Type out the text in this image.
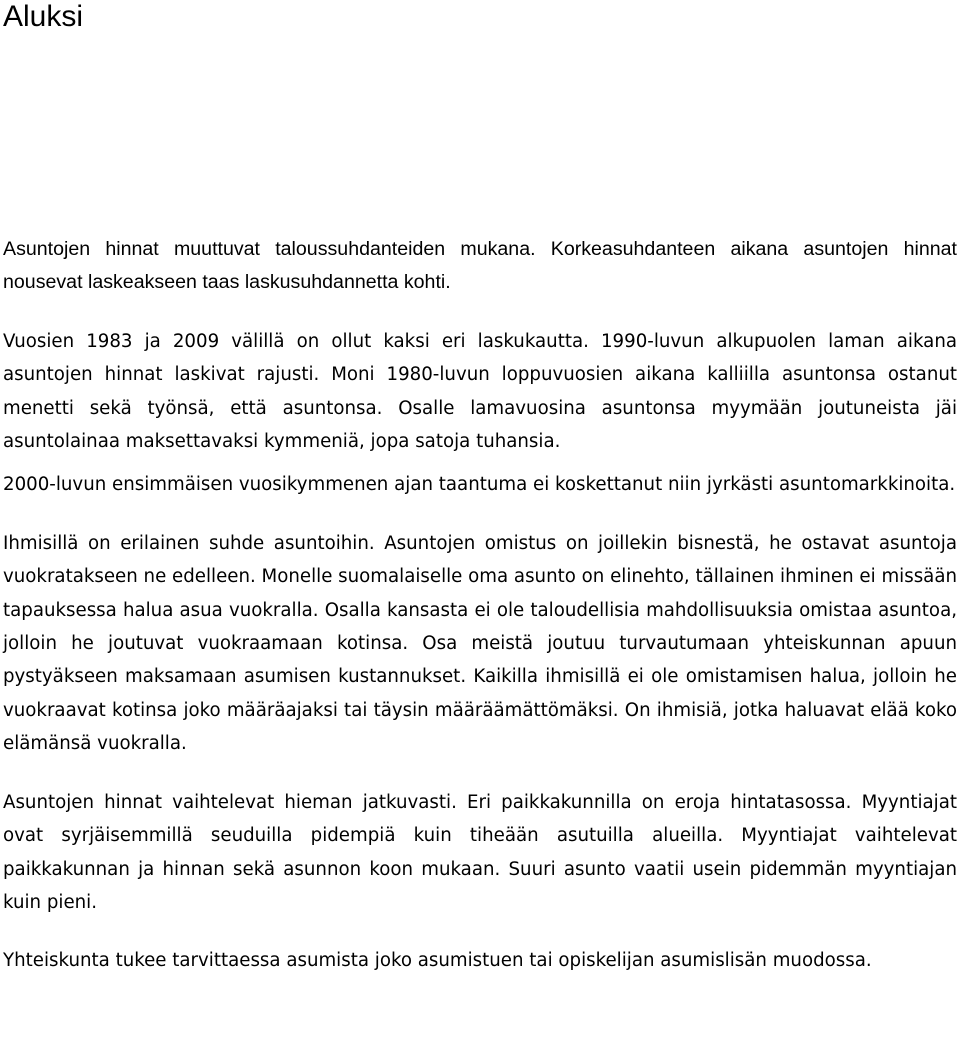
Aluksi

Asuntojen hinnat muuttuvat taloussuhdanteiden mukana. Korkeasuhdanteen aikana asuntojen hinnat nousevat laskeakseen taas laskusuhdannetta kohti.

Vuosien 1983 ja 2009 välillä on ollut kaksi eri laskukautta. 1990-luvun alkupuolen laman aikana asuntojen hinnat laskivat rajusti. Moni 1980-luvun loppuvuosien aikana kalliilla asuntonsa ostanut menetti sekä työnsä, että asuntonsa. Osalle lamavuosina asuntonsa myymään joutuneista jäi asuntolainaa maksettavaksi kymmeniä, jopa satoja tuhansia.

2000-luvun ensimmäisen vuosikymmenen ajan taantuma ei koskettanut niin jyrkästi asuntomarkkinoita.

Ihmisillä on erilainen suhde asuntoihin. Asuntojen omistus on joillekin bisnestä, he ostavat asuntoja vuokratakseen ne edelleen. Monelle suomalaiselle oma asunto on elinehto, tällainen ihminen ei missään tapauksessa halua asua vuokralla. Osalla kansasta ei ole taloudellisia mahdollisuuksia omistaa asuntoa, jolloin he joutuvat vuokraamaan kotinsa. Osa meistä joutuu turvautumaan yhteiskunnan apuun pystyäkseen maksamaan asumisen kustannukset. Kaikilla ihmisillä ei ole omistamisen halua, jolloin he vuokraavat kotinsa joko määräajaksi tai täysin määräämättömäksi. On ihmisiä, jotka haluavat elää koko elämänsä vuokralla.

Asuntojen hinnat vaihtelevat hieman jatkuvasti. Eri paikkakunnilla on eroja hintatasossa. Myyntiajat ovat syrjäisemmillä seuduilla pidempiä kuin tiheään asutuilla alueilla. Myyntiajat vaihtelevat paikkakunnan ja hinnan sekä asunnon koon mukaan. Suuri asunto vaatii usein pidemmän myyntiajan kuin pieni.

Yhteiskunta tukee tarvittaessa asumista joko asumistuen tai opiskelijan asumislisän muodossa.
